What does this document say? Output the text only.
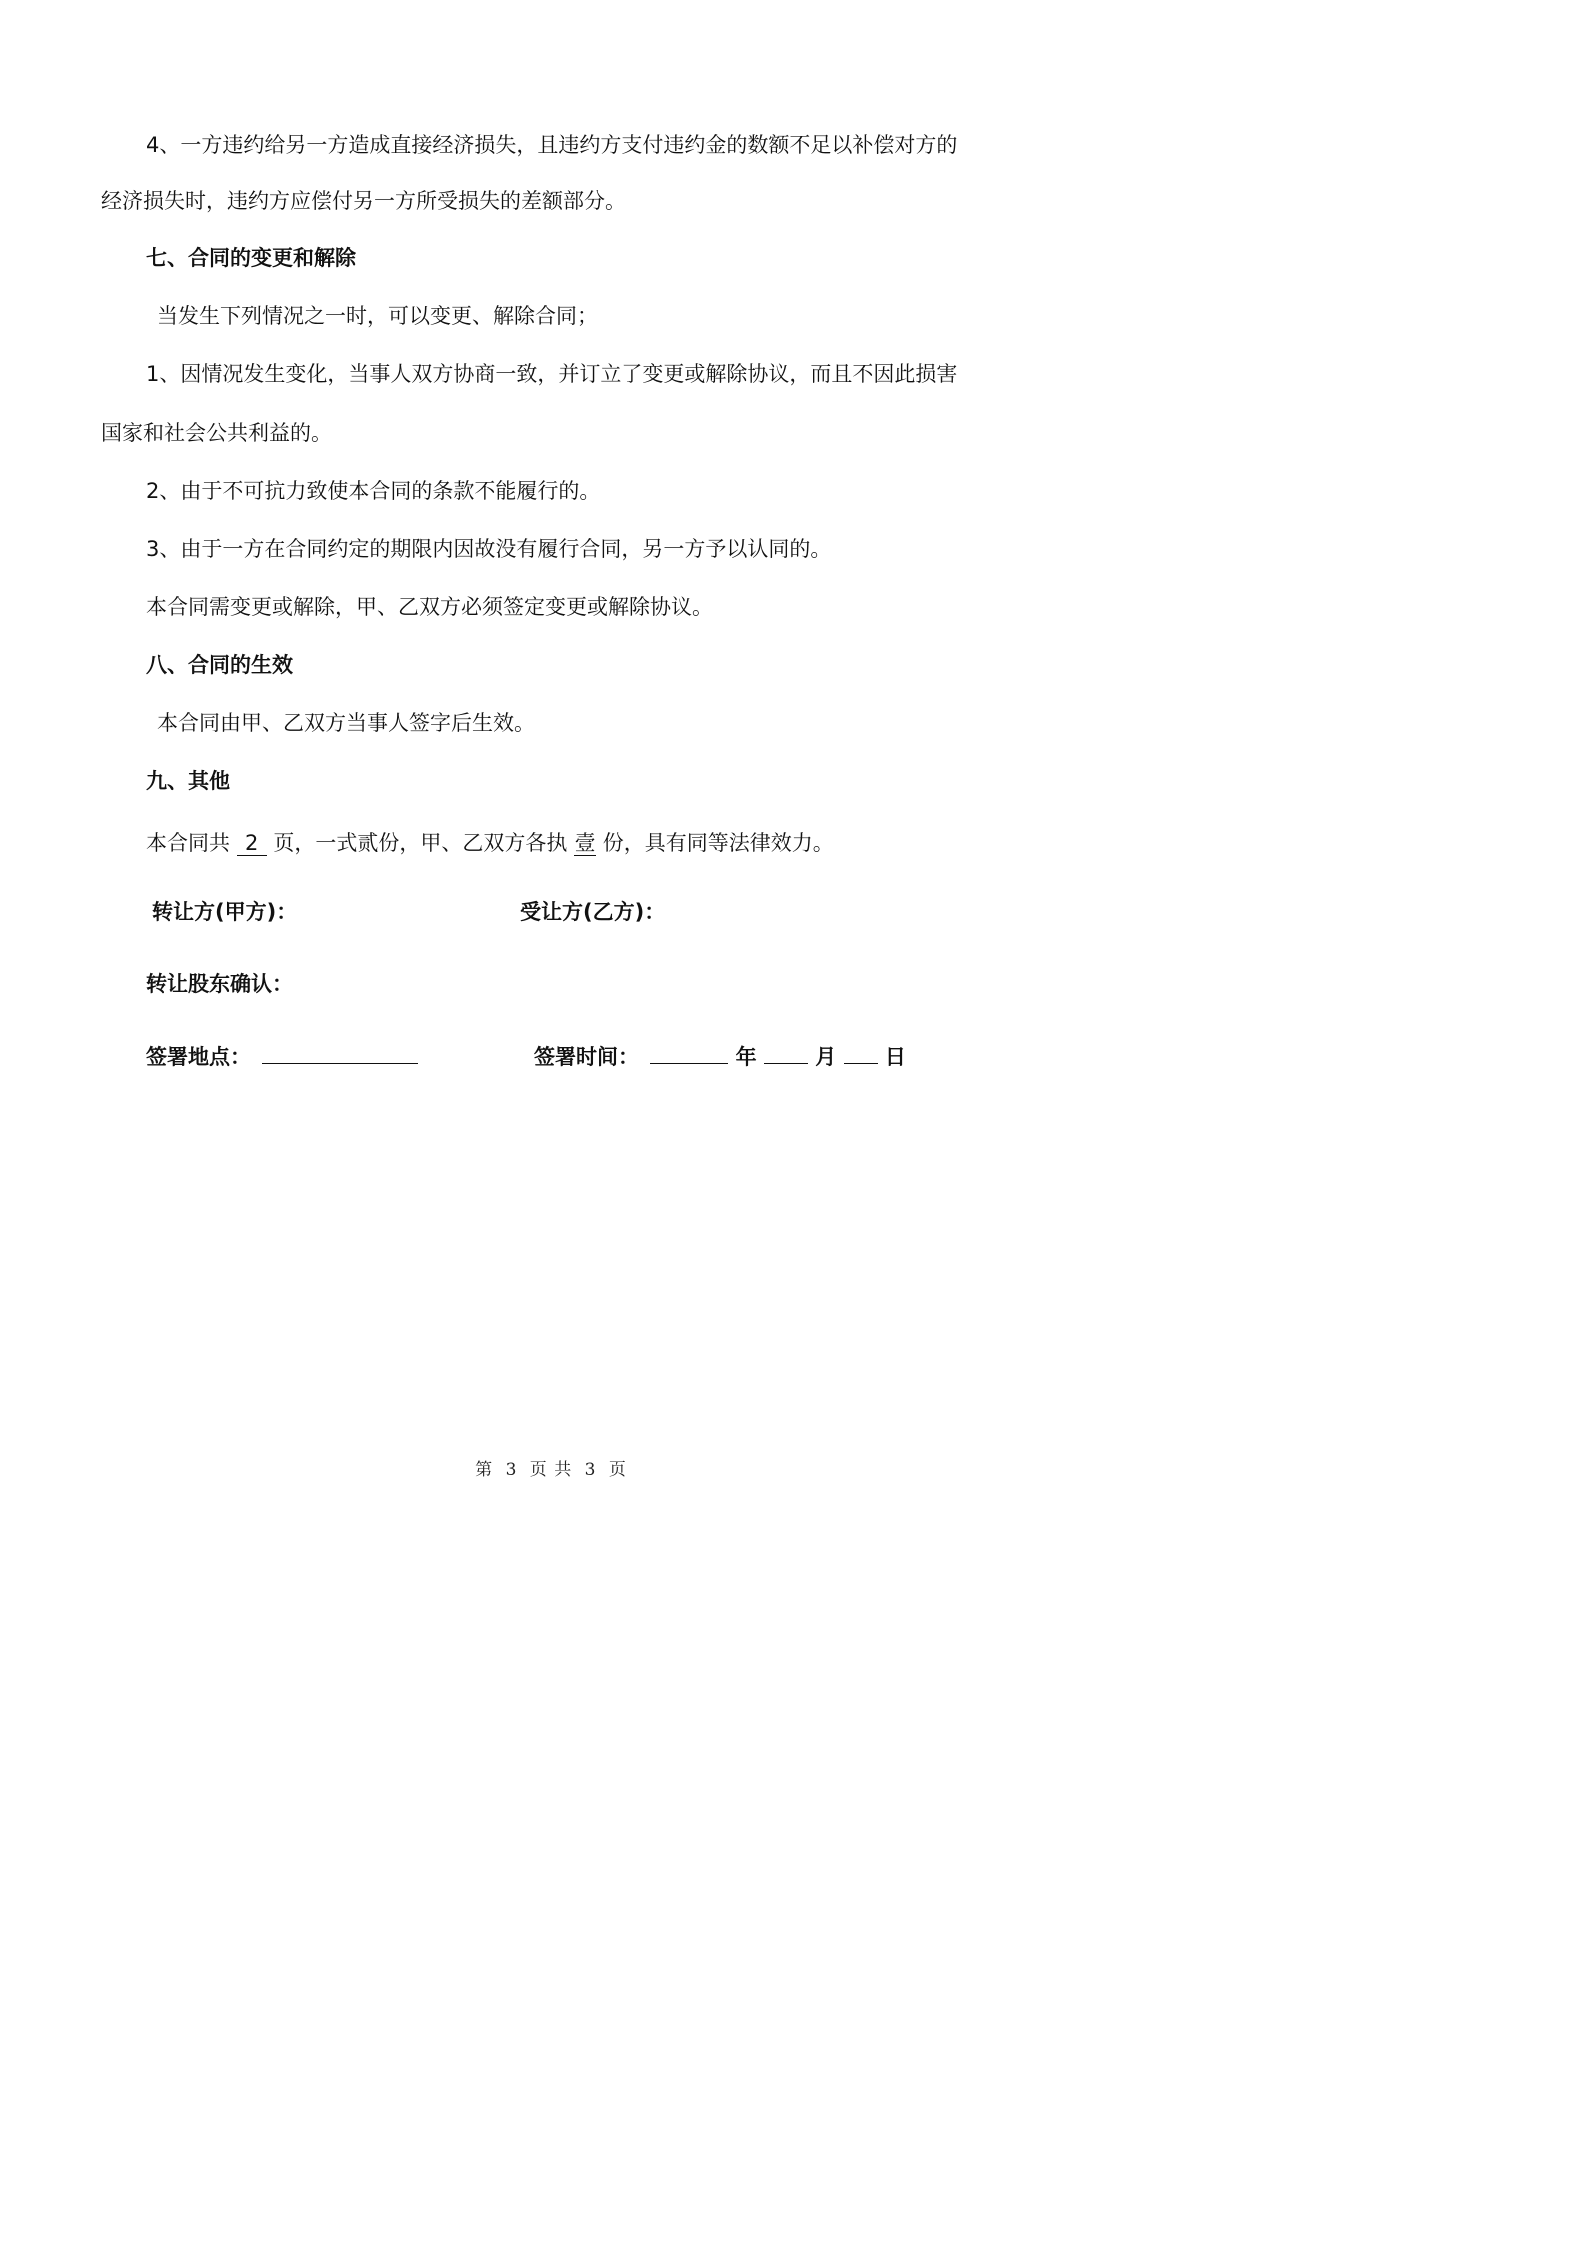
4、一方违约给另一方造成直接经济损失，且违约方支付违约金的数额不足以补偿对方的
经济损失时，违约方应偿付另一方所受损失的差额部分。
七、合同的变更和解除
当发生下列情况之一时，可以变更、解除合同；
1、因情况发生变化，当事人双方协商一致，并订立了变更或解除协议，而且不因此损害
国家和社会公共利益的。
2、由于不可抗力致使本合同的条款不能履行的。
3、由于一方在合同约定的期限内因故没有履行合同，另一方予以认同的。
本合同需变更或解除，甲、乙双方必须签定变更或解除协议。
八、合同的生效
本合同由甲、乙双方当事人签字后生效。
九、其他
本合同共 2 页，一式贰份，甲、乙双方各执 壹 份，具有同等法律效力。
转让方(甲方)：	受让方(乙方)：
转让股东确认：
签署地点：	签署时间：	年	月 日
第 3 页 共 3 页
